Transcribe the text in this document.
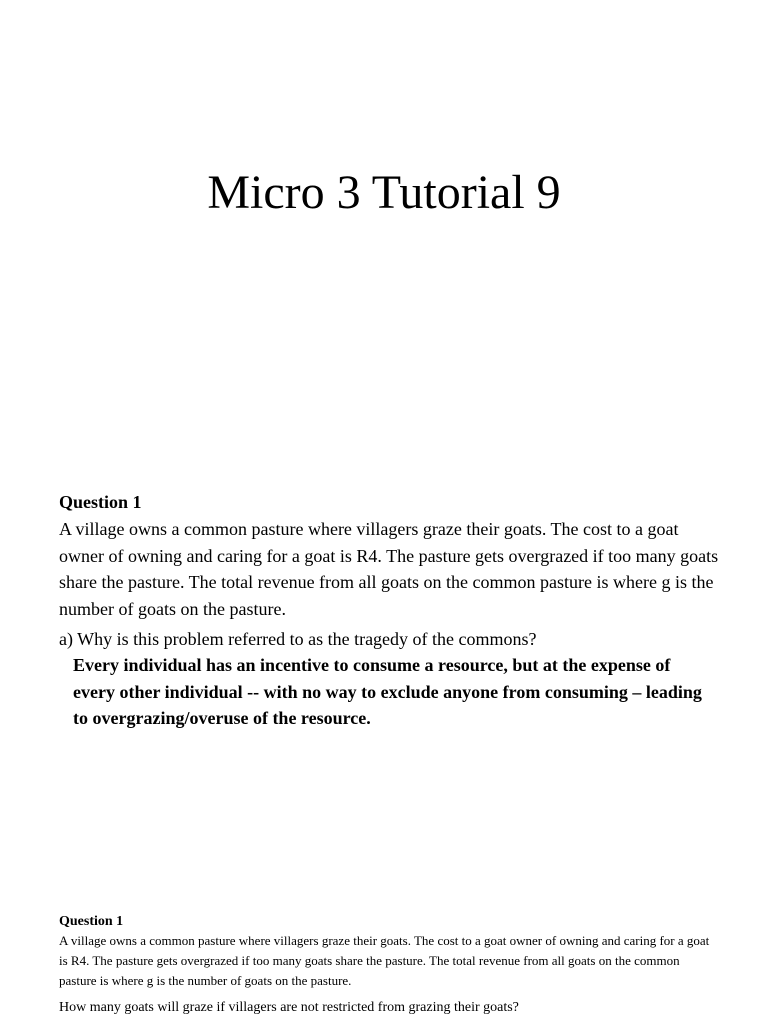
Micro 3 Tutorial 9

Question 1

A village owns a common pasture where villagers graze their goats. The cost to a goat owner of owning and caring for a goat is R4. The pasture gets overgrazed if too many goats share the pasture. The total revenue from all goats on the common pasture is where g is the number of goats on the pasture.

a) Why is this problem referred to as the tragedy of the commons?

Every individual has an incentive to consume a resource, but at the expense of every other individual -- with no way to exclude anyone from consuming – leading to overgrazing/overuse of the resource.

Question 1

A village owns a common pasture where villagers graze their goats. The cost to a goat owner of owning and caring for a goat is R4. The pasture gets overgrazed if too many goats share the pasture. The total revenue from all goats on the common pasture is where g is the number of goats on the pasture.

How many goats will graze if villagers are not restricted from grazing their goats?
